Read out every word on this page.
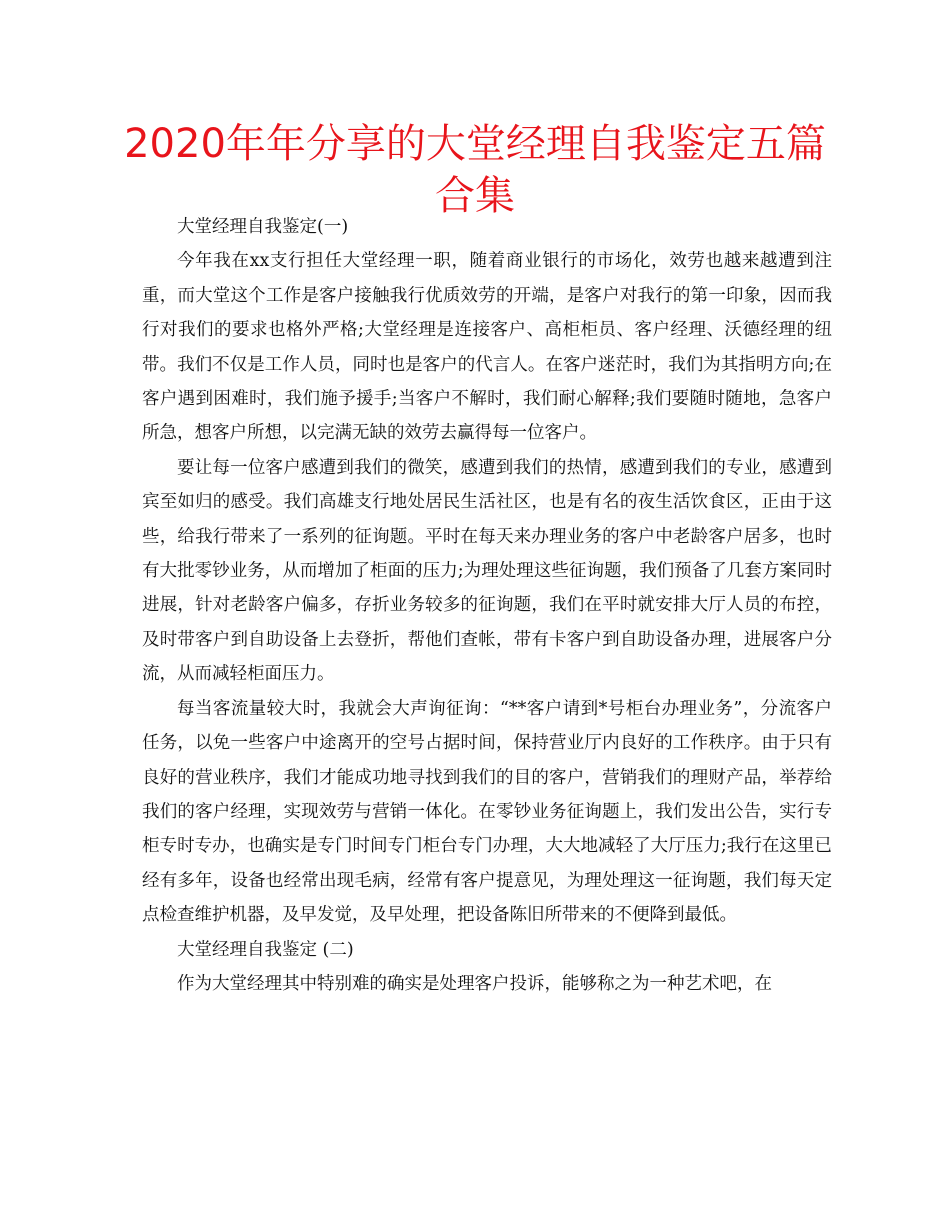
2020年年分享的大堂经理自我鉴定五篇合集

大堂经理自我鉴定(一)

今年我在xx支行担任大堂经理一职，随着商业银行的市场化，效劳也越来越遭到注重，而大堂这个工作是客户接触我行优质效劳的开端，是客户对我行的第一印象，因而我行对我们的要求也格外严格;大堂经理是连接客户、高柜柜员、客户经理、沃德经理的纽带。我们不仅是工作人员，同时也是客户的代言人。在客户迷茫时，我们为其指明方向;在客户遇到困难时，我们施予援手;当客户不解时，我们耐心解释;我们要随时随地，急客户所急，想客户所想，以完满无缺的效劳去赢得每一位客户。

要让每一位客户感遭到我们的微笑，感遭到我们的热情，感遭到我们的专业，感遭到宾至如归的感受。我们高雄支行地处居民生活社区，也是有名的夜生活饮食区，正由于这些，给我行带来了一系列的征询题。平时在每天来办理业务的客户中老龄客户居多，也时有大批零钞业务，从而增加了柜面的压力;为理处理这些征询题，我们预备了几套方案同时进展，针对老龄客户偏多，存折业务较多的征询题，我们在平时就安排大厅人员的布控，及时带客户到自助设备上去登折，帮他们查帐，带有卡客户到自助设备办理，进展客户分流，从而减轻柜面压力。

每当客流量较大时，我就会大声询征询：“**客户请到*号柜台办理业务”，分流客户任务，以免一些客户中途离开的空号占据时间，保持营业厅内良好的工作秩序。由于只有良好的营业秩序，我们才能成功地寻找到我们的目的客户，营销我们的理财产品，举荐给我们的客户经理，实现效劳与营销一体化。在零钞业务征询题上，我们发出公告，实行专柜专时专办，也确实是专门时间专门柜台专门办理，大大地减轻了大厅压力;我行在这里已经有多年，设备也经常出现毛病，经常有客户提意见，为理处理这一征询题，我们每天定点检查维护机器，及早发觉，及早处理，把设备陈旧所带来的不便降到最低。

大堂经理自我鉴定 (二)

作为大堂经理其中特别难的确实是处理客户投诉，能够称之为一种艺术吧，在
